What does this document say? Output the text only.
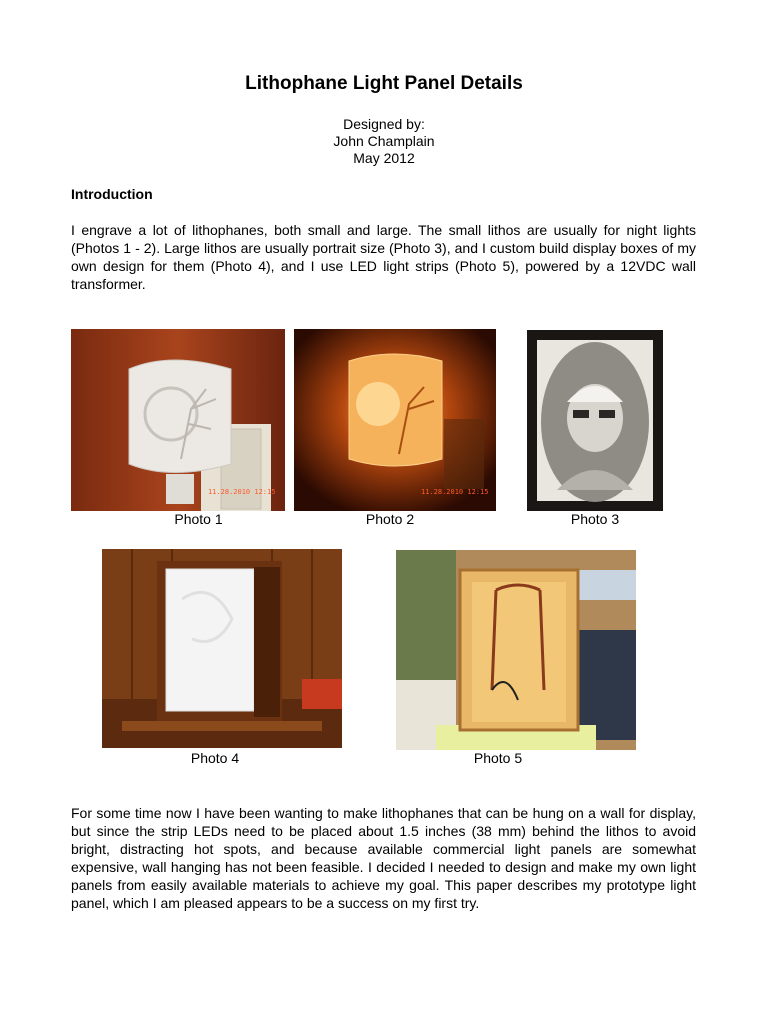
Lithophane Light Panel Details
Designed by:
John Champlain
May 2012
Introduction

I engrave a lot of lithophanes, both small and large. The small lithos are usually for night lights (Photos 1 - 2). Large lithos are usually portrait size (Photo 3), and I custom build display boxes of my own design for them (Photo 4), and I use LED light strips (Photo 5), powered by a 12VDC wall transformer.

11.28.2010 12:15
Photo 1
11.28.2010 12:15
Photo 2	Photo 3
Photo 4	Photo 5

For some time now I have been wanting to make lithophanes that can be hung on a wall for display, but since the strip LEDs need to be placed about 1.5 inches (38 mm) behind the lithos to avoid bright, distracting hot spots, and because available commercial light panels are somewhat expensive, wall hanging has not been feasible. I decided I needed to design and make my own light panels from easily available materials to achieve my goal. This paper describes my prototype light panel, which I am pleased appears to be a success on my first try.
